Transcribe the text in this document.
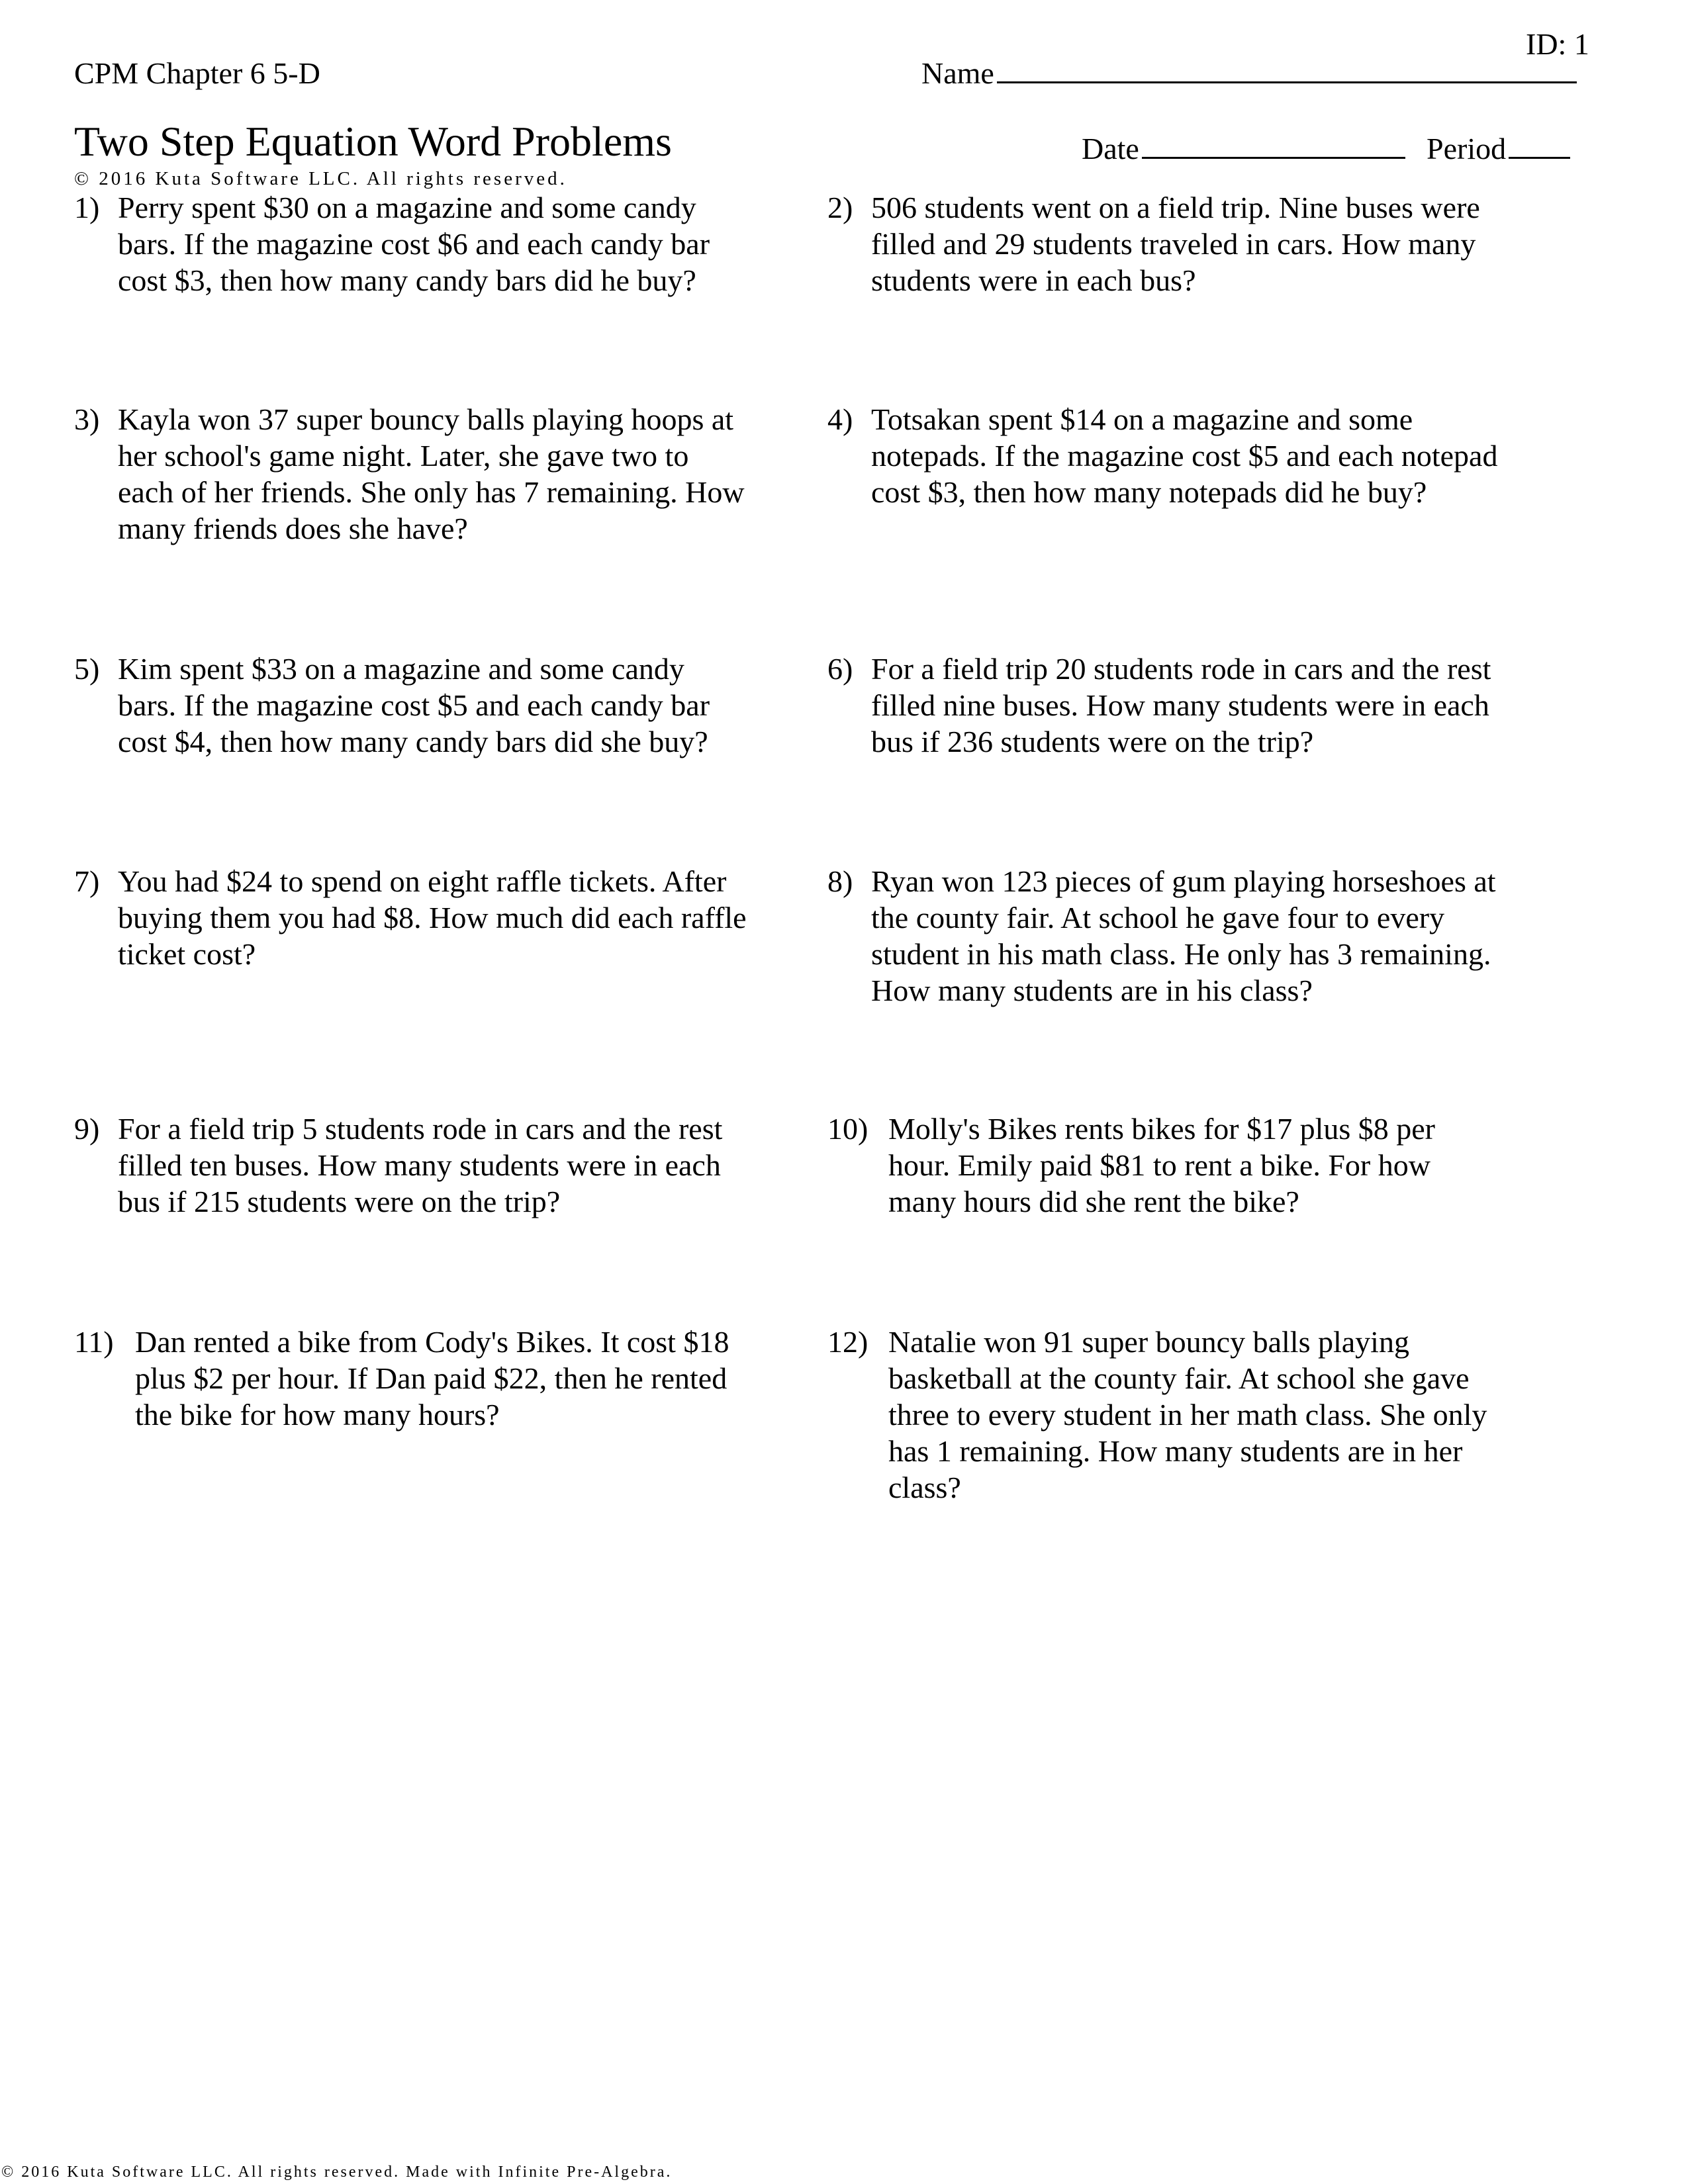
ID: 1
CPM Chapter 6 5-D	Name
Two Step Equation Word Problems	Date	Period
© 2016 Kuta Software LLC. All rights reserved.
1) Perry spent $30 on a magazine and some candy bars. If the magazine cost $6 and each candy bar cost $3, then how many candy bars did he buy?
3) Kayla won 37 super bouncy balls playing hoops at her school's game night. Later, she gave two to each of her friends. She only has 7 remaining. How many friends does she have?
5) Kim spent $33 on a magazine and some candy bars. If the magazine cost $5 and each candy bar cost $4, then how many candy bars did she buy?
7) You had $24 to spend on eight raffle tickets. After buying them you had $8. How much did each raffle ticket cost?
9) For a field trip 5 students rode in cars and the rest filled ten buses. How many students were in each bus if 215 students were on the trip?
11) Dan rented a bike from Cody's Bikes. It cost $18 plus $2 per hour. If Dan paid $22, then he rented the bike for how many hours?
2) 506 students went on a field trip. Nine buses were filled and 29 students traveled in cars. How many students were in each bus?
4) Totsakan spent $14 on a magazine and some notepads. If the magazine cost $5 and each notepad cost $3, then how many notepads did he buy?
6) For a field trip 20 students rode in cars and the rest filled nine buses. How many students were in each bus if 236 students were on the trip?
8) Ryan won 123 pieces of gum playing horseshoes at the county fair. At school he gave four to every student in his math class. He only has 3 remaining. How many students are in his class?
10) Molly's Bikes rents bikes for $17 plus $8 per hour. Emily paid $81 to rent a bike. For how many hours did she rent the bike?
12) Natalie won 91 super bouncy balls playing basketball at the county fair. At school she gave three to every student in her math class. She only has 1 remaining. How many students are in her class?
© 2016 Kuta Software LLC. All rights reserved. Made with Infinite Pre-Algebra.
